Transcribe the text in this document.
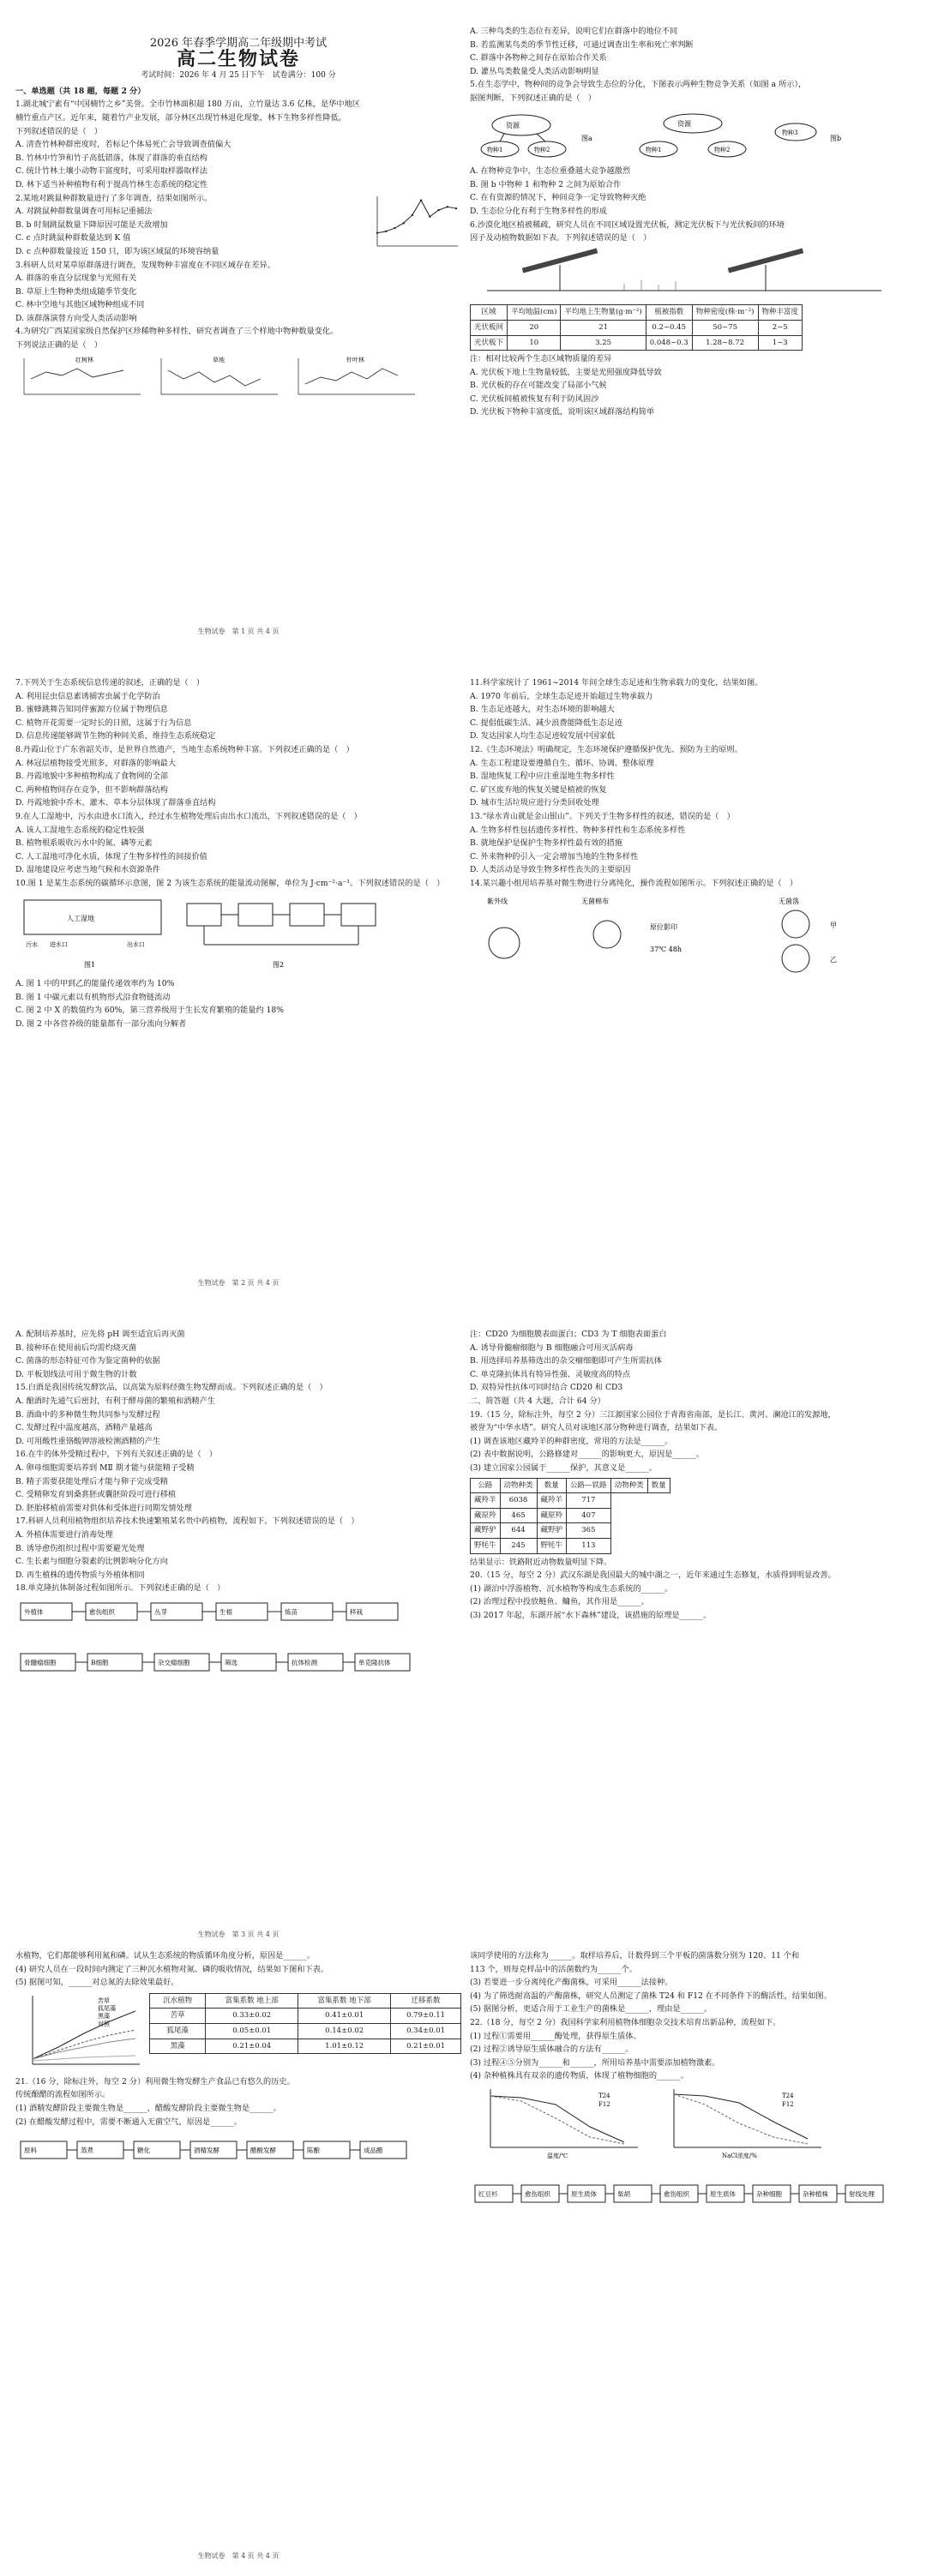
2026 年春季学期高二年级期中考试
高二生物试卷
考试时间：2026 年 4 月 25 日下午　试卷满分：100 分

一、单选题（共 18 题，每题 2 分）

1.湖北城宁素有“中国楠竹之乡”美誉。全市竹林面积超 180 万亩，立竹量达 3.6 亿株，是华中地区

楠竹重点产区。近年来，随着竹产业发展，部分林区出现竹林退化现象，林下生物多样性降低。

下列叙述错误的是（　）

A. 清查竹林种群密度时，若标记个体易死亡会导致调查值偏大

B. 竹林中竹笋和竹子高低错落，体现了群落的垂直结构

C. 统计竹林土壤小动物丰富度时，可采用取样器取样法

D. 林下适当补种植物有利于提高竹林生态系统的稳定性

2.某地对跳鼠种群数量进行了多年调查，结果如图所示。

A. 对跳鼠种群数量调查可用标记重捕法

B. b 时刻跳鼠数量下降原因可能是天敌增加

C. c 点时跳鼠种群数量达到 K 值

D. c 点种群数量接近 150 只，即为该区域鼠的环境容纳量

3.科研人员对某草原群落进行调查，发现物种丰富度在不同区域存在差异。

A. 群落的垂直分层现象与光照有关

B. 草原上生物种类组成随季节变化

C. 林中空地与其他区域物种组成不同

D. 该群落演替方向受人类活动影响

4.为研究广西某国家级自然保护区珍稀物种多样性，研究者调查了三个样地中物种数量变化。

下列说法正确的是（　）

红树林	草地	针叶林
生物试卷　第 1 页 共 4 页

A. 三种鸟类的生态位有差异，说明它们在群落中的地位不同

B. 若监测某鸟类的季节性迁移，可通过调查出生率和死亡率判断

C. 群落中各物种之间存在原始合作关系

D. 灌丛鸟类数量受人类活动影响明显

5.在生态学中，物种间的竞争会导致生态位的分化，下图表示两种生物竞争关系（如图 a 所示），

据图判断，下列叙述正确的是（　）

资源
物种1	物种2
图a
资源
物种1	物种2
物种3
图b

A. 在物种竞争中，生态位重叠越大竞争越激烈

B. 图 b 中物种 1 和物种 2 之间为原始合作

C. 在有资源的情况下，种间竞争一定导致物种灭绝

D. 生态位分化有利于生物多样性的形成

6.沙漠化地区植被稀疏，研究人员在不同区域设置光伏板，测定光伏板下与光伏板间的环境

因子及动植物数据如下表。下列叙述错误的是（　）

区域	平均地温(cm)	平均地上生物量(g·m⁻²)	植被指数	物种密度(株·m⁻²)	物种丰富度
光伏板间	20	21	0.2~0.45	50~75	2~5
光伏板下	10	3.25	0.048~0.3	1.28~8.72	1~3

注：相对比较两个生态区域物质量的差异

A. 光伏板下地上生物量较低，主要是光照强度降低导致

B. 光伏板的存在可能改变了局部小气候

C. 光伏板间植被恢复有利于防风固沙

D. 光伏板下物种丰富度低，说明该区域群落结构简单

7.下列关于生态系统信息传递的叙述，正确的是（　）

A. 利用昆虫信息素诱捕害虫属于化学防治

B. 蜜蜂跳舞告知同伴蜜源方位属于物理信息

C. 植物开花需要一定时长的日照，这属于行为信息

D. 信息传递能够调节生物的种间关系，维持生态系统稳定

8.丹霞山位于广东省韶关市，是世界自然遗产，当地生态系统物种丰富。下列叙述正确的是（　）

A. 林冠层植物接受光照多，对群落的影响最大

B. 丹霞地貌中多种植物构成了食物网的全部

C. 两种植物间存在竞争，但不影响群落结构

D. 丹霞地貌中乔木、灌木、草本分层体现了群落垂直结构

9.在人工湿地中，污水由进水口流入，经过水生植物处理后由出水口流出，下列叙述错误的是（　）

A. 该人工湿地生态系统的稳定性较强

B. 植物根系吸收污水中的氮、磷等元素

C. 人工湿地可净化水质，体现了生物多样性的间接价值

D. 湿地建设应考虑当地气候和水资源条件

10.图 1 是某生态系统的碳循环示意图，图 2 为该生态系统的能量流动图解，单位为 J·cm⁻²·a⁻¹。下列叙述错误的是（　）

人工湿地
污水 进水口	出水口
图1	图2

A. 图 1 中的甲到乙的能量传递效率约为 10%

B. 图 1 中碳元素以有机物形式沿食物链流动

C. 图 2 中 X 的数值约为 60%，第三营养级用于生长发育繁殖的能量约 18%

D. 图 2 中各营养级的能量都有一部分流向分解者

生物试卷　第 2 页 共 4 页

11.科学家统计了 1961~2014 年间全球生态足迹和生物承载力的变化，结果如图。

A. 1970 年前后，全球生态足迹开始超过生物承载力

B. 生态足迹越大，对生态环境的影响越大

C. 提倡低碳生活、减少浪费能降低生态足迹

D. 发达国家人均生态足迹较发展中国家低

12.《生态环境法》明确规定，生态环境保护遵循保护优先、预防为主的原则。

A. 生态工程建设要遵循自生、循环、协调、整体原理

B. 湿地恢复工程中应注重湿地生物多样性

C. 矿区废弃地的恢复关键是植被的恢复

D. 城市生活垃圾应进行分类回收处理

13.“绿水青山就是金山银山”。下列关于生物多样性的叙述，错误的是（　）

A. 生物多样性包括遗传多样性、物种多样性和生态系统多样性

B. 就地保护是保护生物多样性最有效的措施

C. 外来物种的引入一定会增加当地的生物多样性

D. 人类活动是导致生物多样性丧失的主要原因

14.某兴趣小组用培养基对微生物进行分离纯化，操作流程如图所示。下列叙述正确的是（　）

紫外线	无菌棉布
原位影印
37℃ 48h
无菌落
甲
乙

A. 配制培养基时，应先将 pH 调至适宜后再灭菌

B. 接种环在使用前后均需灼烧灭菌

C. 菌落的形态特征可作为鉴定菌种的依据

D. 平板划线法可用于微生物的计数

15.白酒是我国传统发酵饮品，以高粱为原料经微生物发酵而成。下列叙述正确的是（　）

A. 酿酒时先通气后密封，有利于酵母菌的繁殖和酒精产生

B. 酒曲中的多种微生物共同参与发酵过程

C. 发酵过程中温度越高，酒精产量越高

D. 可用酸性重铬酸钾溶液检测酒精的产生

16.在牛的体外受精过程中，下列有关叙述正确的是（　）

A. 卵母细胞需要培养到 MⅡ 期才能与获能精子受精

B. 精子需要获能处理后才能与卵子完成受精

C. 受精卵发育到桑葚胚或囊胚阶段可进行移植

D. 胚胎移植前需要对供体和受体进行同期发情处理

17.科研人员利用植物组织培养技术快速繁殖某名贵中药植物，流程如下。下列叙述错误的是（　）

A. 外植体需要进行消毒处理

B. 诱导愈伤组织过程中需要避光处理

C. 生长素与细胞分裂素的比例影响分化方向

D. 再生植株的遗传物质与外植体相同

18.单克隆抗体制备过程如图所示。下列叙述正确的是（　）

外植体	愈伤组织	丛芽	生根	炼苗	移栽

骨髓瘤细胞	B细胞	杂交瘤细胞	筛选	抗体检测	单克隆抗体
生物试卷　第 3 页 共 4 页

注：CD20 为细胞膜表面蛋白；CD3 为 T 细胞表面蛋白

A. 诱导骨髓瘤细胞与 B 细胞融合可用灭活病毒

B. 用选择培养基筛选出的杂交瘤细胞即可产生所需抗体

C. 单克隆抗体具有特异性强、灵敏度高的特点

D. 双特异性抗体可同时结合 CD20 和 CD3

二、简答题（共 4 大题，合计 64 分）

19.（15 分，除标注外，每空 2 分）三江源国家公园位于青海省南部，是长江、黄河、澜沧江的发源地，

被誉为“中华水塔”。研究人员对该地区部分物种进行调查，结果如下表。

(1) 调查该地区藏羚羊的种群密度，常用的方法是______。

(2) 表中数据说明，公路修建对______的影响更大，原因是______。

(3) 建立国家公园属于______保护，其意义是______。

公路	动物种类	数量	公路—铁路	动物种类	数量
藏羚羊	6038	藏羚羊	717		
藏原羚	465	藏原羚	407		
藏野驴	644	藏野驴	365		
野牦牛	245	野牦牛	113		

结果显示：铁路附近动物数量明显下降。

20.（15 分，每空 2 分）武汉东湖是我国最大的城中湖之一，近年来通过生态修复，水质得到明显改善。

(1) 湖泊中浮游植物、沉水植物等构成生态系统的______。

(2) 治理过程中投放鲢鱼、鳙鱼，其作用是______。

(3) 2017 年起，东湖开展“水下森林”建设，该措施的原理是______。

水植物，它们都能够利用氮和磷。试从生态系统的物质循环角度分析，原因是______。

(4) 研究人员在一段时间内测定了三种沉水植物对氮、磷的吸收情况，结果如下图和下表。

(5) 据图可知，______对总氮的去除效果最好。

苦草
狐尾藻
黑藻
对照
沉水植物	富集系数 地上部	富集系数 地下部	迁移系数
苦草	0.33±0.02	0.41±0.01	0.79±0.11
狐尾藻	0.05±0.01	0.14±0.02	0.34±0.01
黑藻	0.21±0.04	1.01±0.12	0.21±0.01

21.（16 分，除标注外，每空 2 分）利用微生物发酵生产食品已有悠久的历史。

传统酿醋的流程如图所示。

(1) 酒精发酵阶段主要微生物是______，醋酸发酵阶段主要微生物是______。

(2) 在醋酸发酵过程中，需要不断通入无菌空气，原因是______。

原料	蒸煮	糖化	酒精发酵	醋酸发酵	陈酿	成品醋
生物试卷　第 4 页 共 4 页

该同学使用的方法称为______。取样培养后，计数得到三个平板的菌落数分别为 120、11 个和

113 个，则每克样品中的活菌数约为______个。

(3) 若要进一步分离纯化产酶菌株，可采用______法接种。

(4) 为了筛选耐高温的产酶菌株，研究人员测定了菌株 T24 和 F12 在不同条件下的酶活性，结果如图。

(5) 据图分析，更适合用于工业生产的菌株是______，理由是______。

22.（18 分，每空 2 分）我国科学家利用植物体细胞杂交技术培育出新品种，流程如下。

(1) 过程①需要用______酶处理，获得原生质体。

(2) 过程②诱导原生质体融合的方法有______。

(3) 过程④⑤分别为______和______，所用培养基中需要添加植物激素。

(4) 杂种植株具有双亲的遗传物质，体现了植物细胞的______。

T24
F12
温度/℃
T24
F12
NaCl浓度/%
红豆杉	愈伤组织	原生质体	柴胡	愈伤组织	原生质体	杂种细胞	杂种植株	射线处理
